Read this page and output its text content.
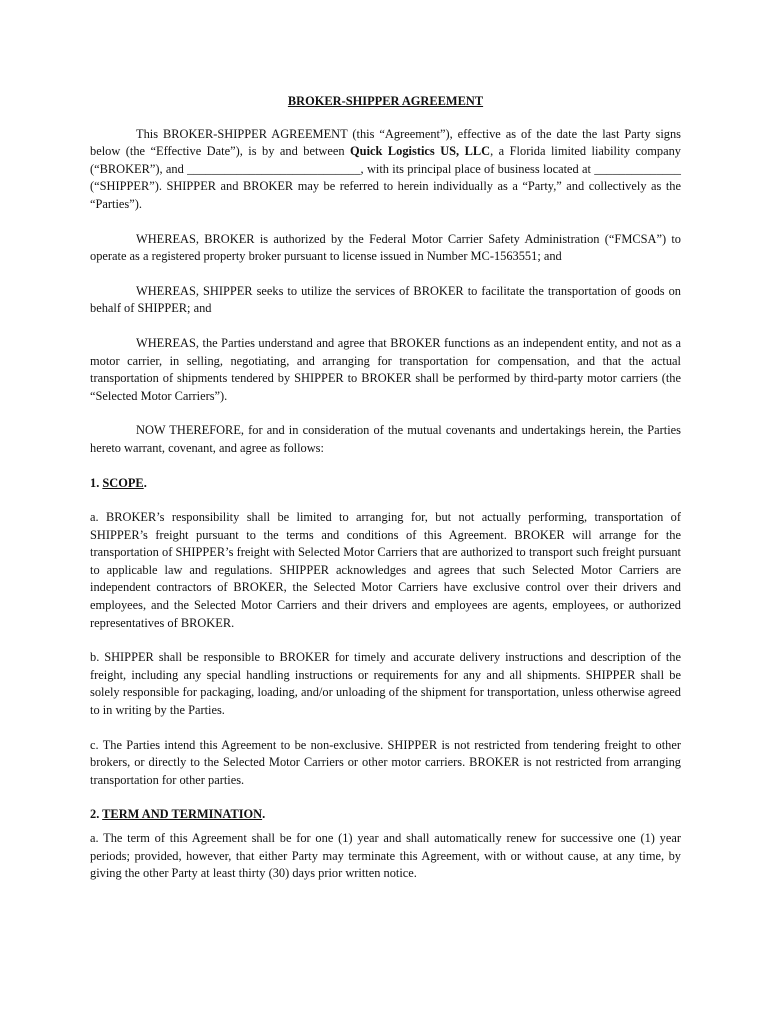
BROKER-SHIPPER AGREEMENT

This BROKER-SHIPPER AGREEMENT (this “Agreement”), effective as of the date the last Party signs below (the “Effective Date”), is by and between Quick Logistics US, LLC, a Florida limited liability company (“BROKER”), and ____________________________, with its principal place of business located at ______________ (“SHIPPER”). SHIPPER and BROKER may be referred to herein individually as a “Party,” and collectively as the “Parties”).

WHEREAS, BROKER is authorized by the Federal Motor Carrier Safety Administration (“FMCSA”) to operate as a registered property broker pursuant to license issued in Number MC-1563551; and

WHEREAS, SHIPPER seeks to utilize the services of BROKER to facilitate the transportation of goods on behalf of SHIPPER; and

WHEREAS, the Parties understand and agree that BROKER functions as an independent entity, and not as a motor carrier, in selling, negotiating, and arranging for transportation for compensation, and that the actual transportation of shipments tendered by SHIPPER to BROKER shall be performed by third-party motor carriers (the “Selected Motor Carriers”).

NOW THEREFORE, for and in consideration of the mutual covenants and undertakings herein, the Parties hereto warrant, covenant, and agree as follows:

1. SCOPE.

a. BROKER’s responsibility shall be limited to arranging for, but not actually performing, transportation of SHIPPER’s freight pursuant to the terms and conditions of this Agreement. BROKER will arrange for the transportation of SHIPPER’s freight with Selected Motor Carriers that are authorized to transport such freight pursuant to applicable law and regulations. SHIPPER acknowledges and agrees that such Selected Motor Carriers are independent contractors of BROKER, the Selected Motor Carriers have exclusive control over their drivers and employees, and the Selected Motor Carriers and their drivers and employees are agents, employees, or authorized representatives of BROKER.

b. SHIPPER shall be responsible to BROKER for timely and accurate delivery instructions and description of the freight, including any special handling instructions or requirements for any and all shipments. SHIPPER shall be solely responsible for packaging, loading, and/or unloading of the shipment for transportation, unless otherwise agreed to in writing by the Parties.

c. The Parties intend this Agreement to be non-exclusive. SHIPPER is not restricted from tendering freight to other brokers, or directly to the Selected Motor Carriers or other motor carriers. BROKER is not restricted from arranging transportation for other parties.

2. TERM AND TERMINATION.

a. The term of this Agreement shall be for one (1) year and shall automatically renew for successive one (1) year periods; provided, however, that either Party may terminate this Agreement, with or without cause, at any time, by giving the other Party at least thirty (30) days prior written notice.
